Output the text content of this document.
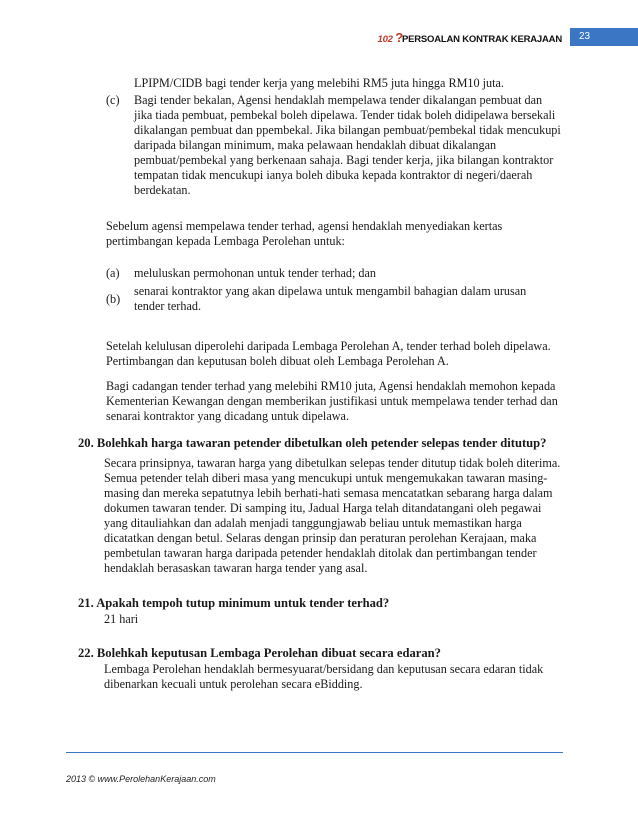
102 ?PERSOALAN KONTRAK KERAJAAN	23
LPIPM/CIDB bagi tender kerja yang melebihi RM5 juta hingga RM10 juta.
(c) Bagi tender bekalan, Agensi hendaklah mempelawa tender dikalangan pembuat dan jika tiada pembuat, pembekal boleh dipelawa. Tender tidak boleh didipelawa bersekali dikalangan pembuat dan ppembekal. Jika bilangan pembuat/pembekal tidak mencukupi daripada bilangan minimum, maka pelawaan hendaklah dibuat dikalangan pembuat/pembekal yang berkenaan sahaja. Bagi tender kerja, jika bilangan kontraktor tempatan tidak mencukupi ianya boleh dibuka kepada kontraktor di negeri/daerah berdekatan.
Sebelum agensi mempelawa tender terhad, agensi hendaklah menyediakan kertas pertimbangan kepada Lembaga Perolehan untuk:
(a) meluluskan permohonan untuk tender terhad; dan
(b)
senarai kontraktor yang akan dipelawa untuk mengambil bahagian dalam urusan tender terhad.
Setelah kelulusan diperolehi daripada Lembaga Perolehan A, tender terhad boleh dipelawa. Pertimbangan dan keputusan boleh dibuat oleh Lembaga Perolehan A.
Bagi cadangan tender terhad yang melebihi RM10 juta, Agensi hendaklah memohon kepada Kementerian Kewangan dengan memberikan justifikasi untuk mempelawa tender terhad dan senarai kontraktor yang dicadang untuk dipelawa.
20. Bolehkah harga tawaran petender dibetulkan oleh petender selepas tender ditutup?
Secara prinsipnya, tawaran harga yang dibetulkan selepas tender ditutup tidak boleh diterima. Semua petender telah diberi masa yang mencukupi untuk mengemukakan tawaran masing-masing dan mereka sepatutnya lebih berhati-hati semasa mencatatkan sebarang harga dalam dokumen tawaran tender. Di samping itu, Jadual Harga telah ditandatangani oleh pegawai yang ditauliahkan dan adalah menjadi tanggungjawab beliau untuk memastikan harga dicatatkan dengan betul. Selaras dengan prinsip dan peraturan perolehan Kerajaan, maka pembetulan tawaran harga daripada petender hendaklah ditolak dan pertimbangan tender hendaklah berasaskan tawaran harga tender yang asal.
21. Apakah tempoh tutup minimum untuk tender terhad?
21 hari
22. Bolehkah keputusan Lembaga Perolehan dibuat secara edaran?
Lembaga Perolehan hendaklah bermesyuarat/bersidang dan keputusan secara edaran tidak dibenarkan kecuali untuk perolehan secara eBidding.
2013 © www.PerolehanKerajaan.com
